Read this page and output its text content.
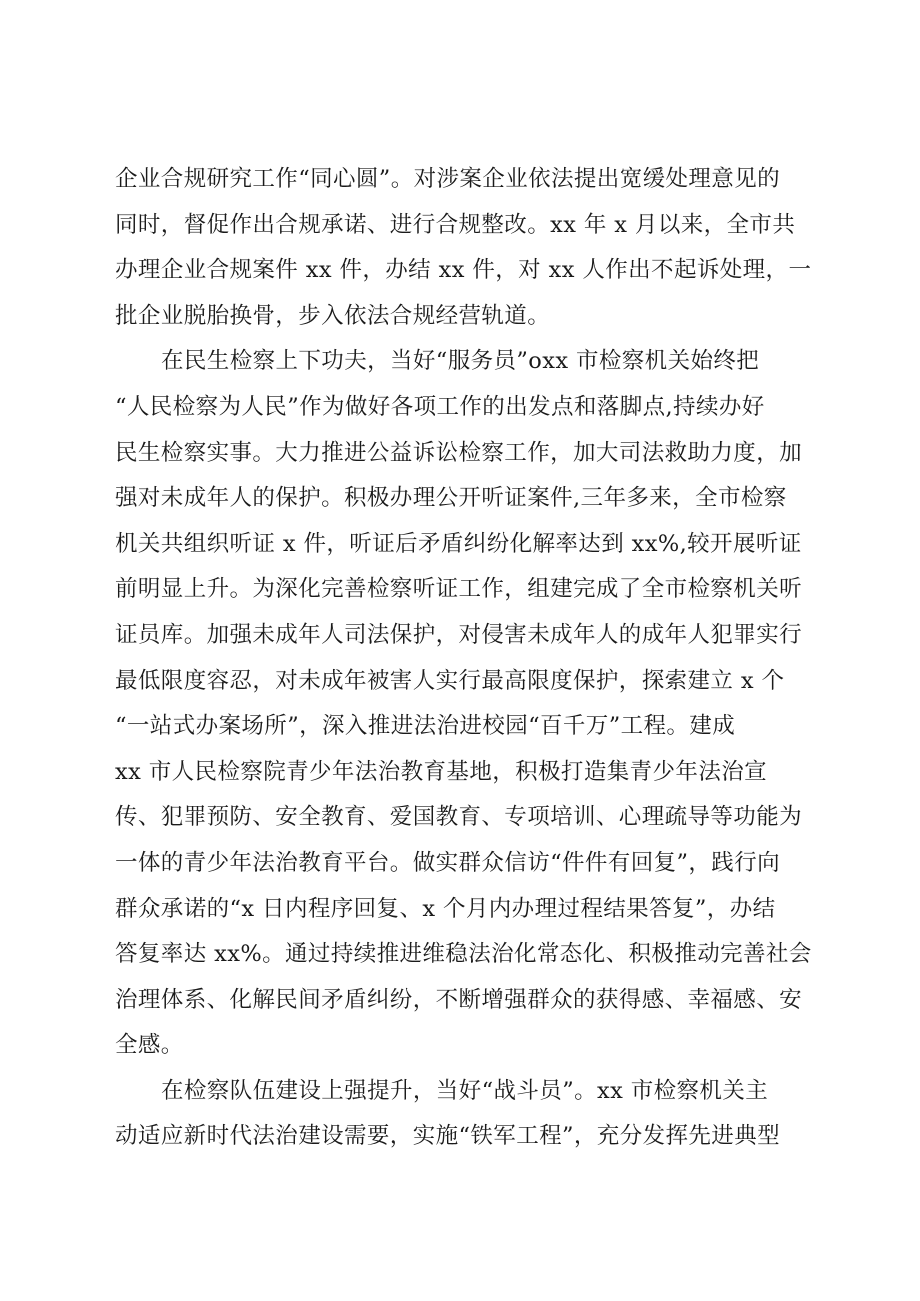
企业合规研究工作“同心圆”。对涉案企业依法提出宽缓处理意见的
同时，督促作出合规承诺、进行合规整改。xx 年 x 月以来，全市共
办理企业合规案件 xx 件，办结 xx 件，对 xx 人作出不起诉处理，一
批企业脱胎换骨，步入依法合规经营轨道。
在民生检察上下功夫，当好“服务员”oxx 市检察机关始终把
“人民检察为人民”作为做好各项工作的出发点和落脚点,持续办好
民生检察实事。大力推进公益诉讼检察工作，加大司法救助力度，加
强对未成年人的保护。积极办理公开听证案件,三年多来，全市检察
机关共组织听证 x 件，听证后矛盾纠纷化解率达到 xx%,较开展听证
前明显上升。为深化完善检察听证工作，组建完成了全市检察机关听
证员库。加强未成年人司法保护，对侵害未成年人的成年人犯罪实行
最低限度容忍，对未成年被害人实行最高限度保护，探索建立 x 个
“一站式办案场所”，深入推进法治进校园“百千万”工程。建成
xx 市人民检察院青少年法治教育基地，积极打造集青少年法治宣
传、犯罪预防、安全教育、爱国教育、专项培训、心理疏导等功能为
一体的青少年法治教育平台。做实群众信访“件件有回复”，践行向
群众承诺的“x 日内程序回复、x 个月内办理过程结果答复”，办结
答复率达 xx%。通过持续推进维稳法治化常态化、积极推动完善社会
治理体系、化解民间矛盾纠纷，不断增强群众的获得感、幸福感、安
全感。
在检察队伍建设上强提升，当好“战斗员”。xx 市检察机关主
动适应新时代法治建设需要，实施“铁军工程”，充分发挥先进典型
